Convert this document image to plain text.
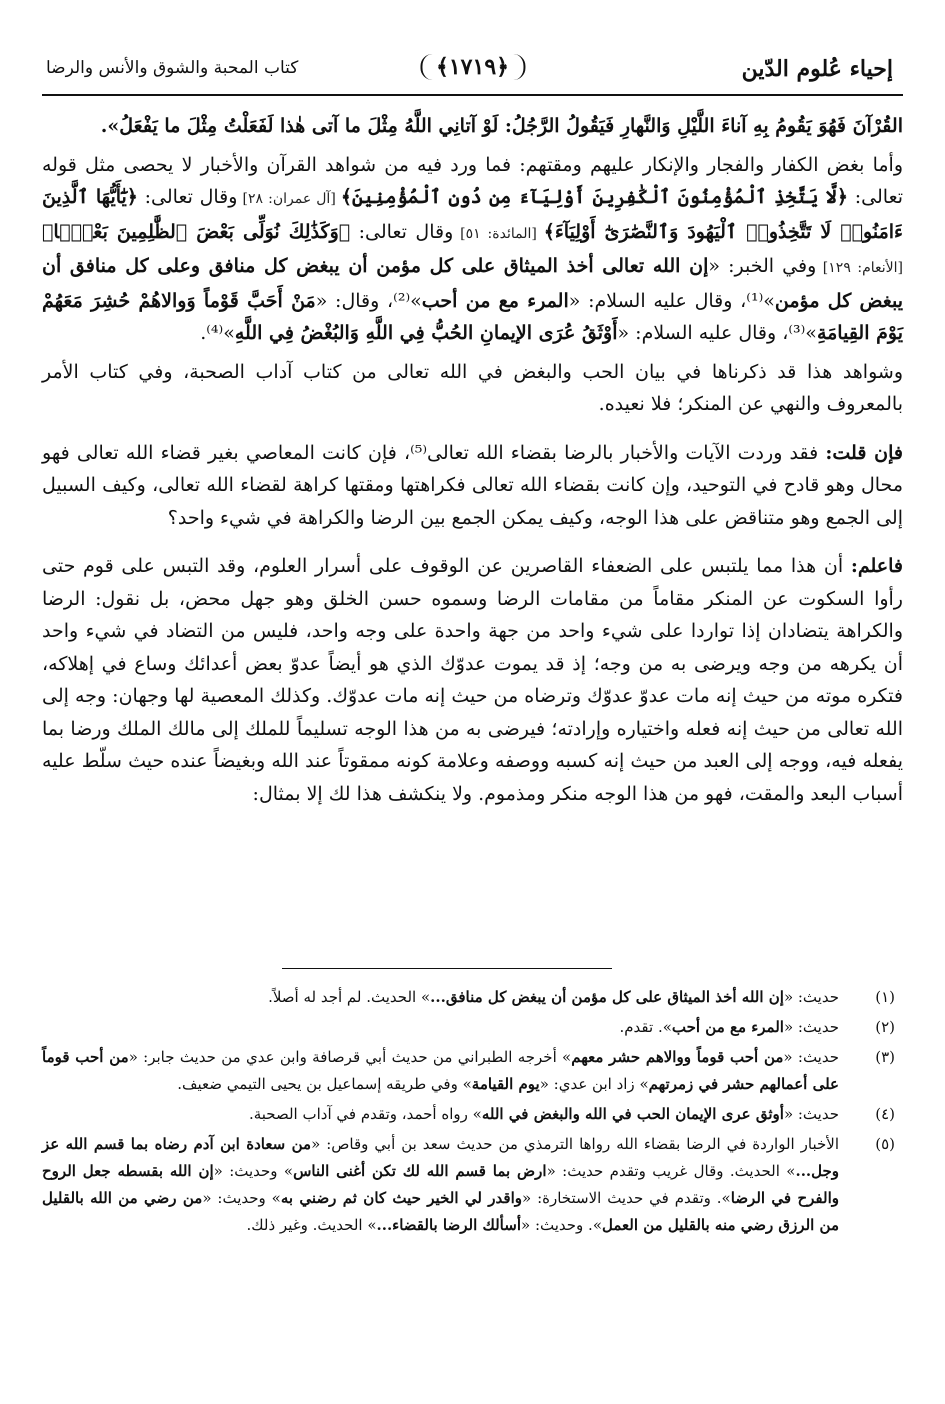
إحياء عُلوم الدّين
﴿١٧١٩﴾
كتاب المحبة والشوق والأنس والرضا

القُرْآنَ فَهُوَ يَقُومُ بِهِ آناءَ اللَّيْلِ وَالنَّهارِ فَيَقُولُ الرَّجُلُ: لَوْ آتانِي اللَّهُ مِثْلَ ما آتى هٰذا لَفَعَلْتُ مِثْلَ ما يَفْعَلُ».

وأما بغض الكفار والفجار والإنكار عليهم ومقتهم: فما ورد فيه من شواهد القرآن والأخبار لا يحصى مثل قوله تعالى: ﴿لَّا يَتَّخِذِ ٱلْمُؤْمِنُونَ ٱلْكَٰفِرِينَ أَوْلِيَآءَ مِن دُونِ ٱلْمُؤْمِنِينَ﴾ [آل عمران: ٢٨] وقال تعالى: ﴿يَٰٓأَيُّهَا ٱلَّذِينَ ءَامَنُوا۟ لَا تَتَّخِذُوا۟ ٱلْيَهُودَ وَٱلنَّصَٰرَىٰٓ أَوْلِيَآءَ﴾ [المائدة: ٥١] وقال تعالى: ﴿وَكَذَٰلِكَ نُوَلِّى بَعْضَ ٱلظَّٰلِمِينَ بَعْضًۢا﴾ [الأنعام: ١٢٩] وفي الخبر: «إن الله تعالى أخذ الميثاق على كل مؤمن أن يبغض كل منافق وعلى كل منافق أن يبغض كل مؤمن»⁽¹⁾، وقال عليه السلام: «المرء مع من أحب»⁽²⁾، وقال: «مَنْ أَحَبَّ قَوْماً وَوالاهُمْ حُشِرَ مَعَهُمْ يَوْمَ القِيامَةِ»⁽³⁾، وقال عليه السلام: «أَوْثَقُ عُرَى الإيمانِ الحُبُّ فِي اللَّهِ وَالبُغْضُ فِي اللَّهِ»⁽⁴⁾.

وشواهد هذا قد ذكرناها في بيان الحب والبغض في الله تعالى من كتاب آداب الصحبة، وفي كتاب الأمر بالمعروف والنهي عن المنكر؛ فلا نعيده.

فإن قلت: فقد وردت الآيات والأخبار بالرضا بقضاء الله تعالى⁽⁵⁾، فإن كانت المعاصي بغير قضاء الله تعالى فهو محال وهو قادح في التوحيد، وإن كانت بقضاء الله تعالى فكراهتها ومقتها كراهة لقضاء الله تعالى، وكيف السبيل إلى الجمع وهو متناقض على هذا الوجه، وكيف يمكن الجمع بين الرضا والكراهة في شيء واحد؟

فاعلم: أن هذا مما يلتبس على الضعفاء القاصرين عن الوقوف على أسرار العلوم، وقد التبس على قوم حتى رأوا السكوت عن المنكر مقاماً من مقامات الرضا وسموه حسن الخلق وهو جهل محض، بل نقول: الرضا والكراهة يتضادان إذا تواردا على شيء واحد من جهة واحدة على وجه واحد، فليس من التضاد في شيء واحد أن يكرهه من وجه ويرضى به من وجه؛ إذ قد يموت عدوّك الذي هو أيضاً عدوّ بعض أعدائك وساع في إهلاكه، فتكره موته من حيث إنه مات عدوّ عدوّك وترضاه من حيث إنه مات عدوّك. وكذلك المعصية لها وجهان: وجه إلى الله تعالى من حيث إنه فعله واختياره وإرادته؛ فيرضى به من هذا الوجه تسليماً للملك إلى مالك الملك ورضا بما يفعله فيه، ووجه إلى العبد من حيث إنه كسبه ووصفه وعلامة كونه ممقوتاً عند الله وبغيضاً عنده حيث سلّط عليه أسباب البعد والمقت، فهو من هذا الوجه منكر ومذموم. ولا ينكشف هذا لك إلا بمثال:

(١)
حديث: «إن الله أخذ الميثاق على كل مؤمن أن يبغض كل منافق...» الحديث. لم أجد له أصلاً.
(٢)
حديث: «المرء مع من أحب». تقدم.
(٣)
حديث: «من أحب قوماً ووالاهم حشر معهم» أخرجه الطبراني من حديث أبي قرصافة وابن عدي من حديث جابر: «من أحب قوماً على أعمالهم حشر في زمرتهم» زاد ابن عدي: «يوم القيامة» وفي طريقه إسماعيل بن يحيى التيمي ضعيف.
(٤)
حديث: «أوثق عرى الإيمان الحب في الله والبغض في الله» رواه أحمد، وتقدم في آداب الصحبة.
(٥)
الأخبار الواردة في الرضا بقضاء الله رواها الترمذي من حديث سعد بن أبي وقاص: «من سعادة ابن آدم رضاه بما قسم الله عز وجل...» الحديث. وقال غريب وتقدم حديث: «ارض بما قسم الله لك تكن أغنى الناس» وحديث: «إن الله بقسطه جعل الروح والفرح في الرضا». وتقدم في حديث الاستخارة: «واقدر لي الخير حيث كان ثم رضني به» وحديث: «من رضي من الله بالقليل من الرزق رضي منه بالقليل من العمل». وحديث: «أسألك الرضا بالقضاء...» الحديث. وغير ذلك.
